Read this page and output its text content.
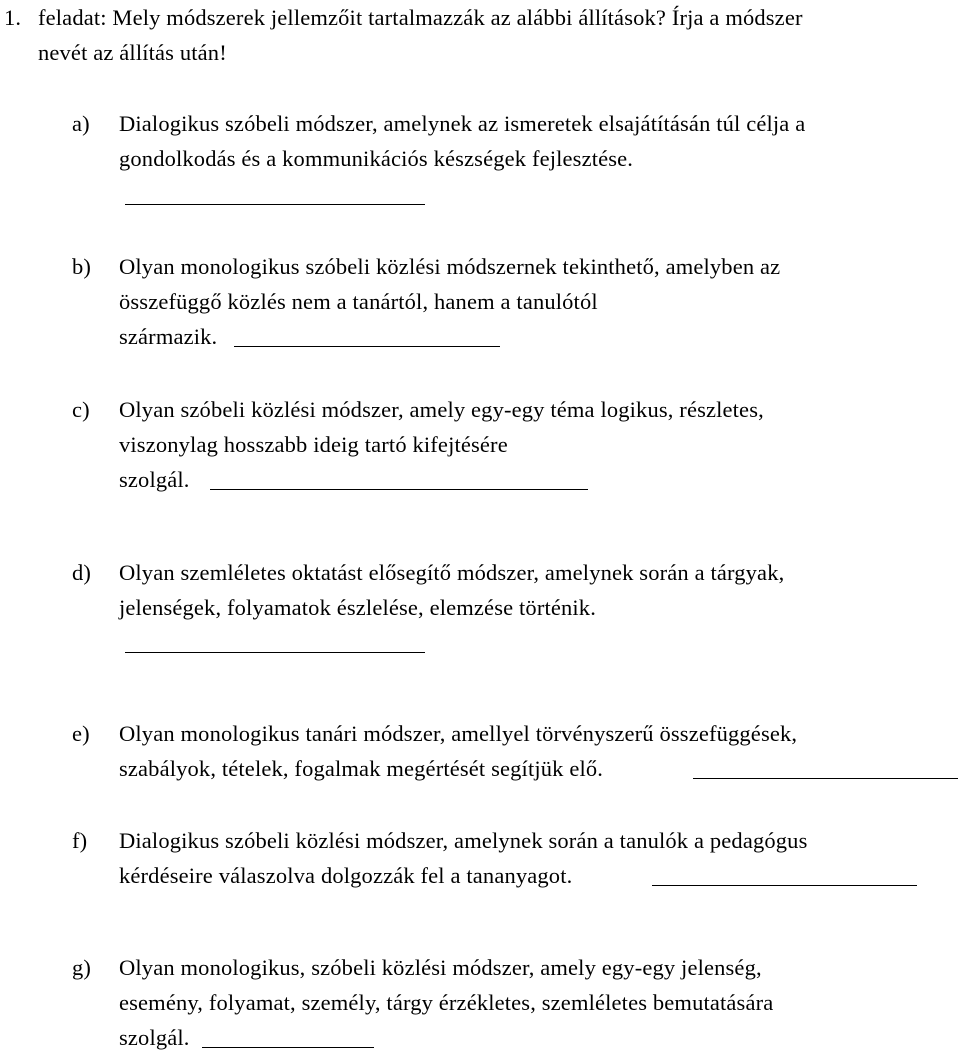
1. feladat: Mely módszerek jellemzőit tartalmazzák az alábbi állítások? Írja a módszer
nevét az állítás után!
a) Dialogikus szóbeli módszer, amelynek az ismeretek elsajátításán túl célja a
gondolkodás és a kommunikációs készségek fejlesztése.
b) Olyan monologikus szóbeli közlési módszernek tekinthető, amelyben az
összefüggő közlés nem a tanártól, hanem a tanulótól
származik.
c) Olyan szóbeli közlési módszer, amely egy-egy téma logikus, részletes,
viszonylag hosszabb ideig tartó kifejtésére
szolgál.
d) Olyan szemléletes oktatást elősegítő módszer, amelynek során a tárgyak,
jelenségek, folyamatok észlelése, elemzése történik.
e) Olyan monologikus tanári módszer, amellyel törvényszerű összefüggések,
szabályok, tételek, fogalmak megértését segítjük elő.
f) Dialogikus szóbeli közlési módszer, amelynek során a tanulók a pedagógus
kérdéseire válaszolva dolgozzák fel a tananyagot.
g) Olyan monologikus, szóbeli közlési módszer, amely egy-egy jelenség,
esemény, folyamat, személy, tárgy érzékletes, szemléletes bemutatására
szolgál.
